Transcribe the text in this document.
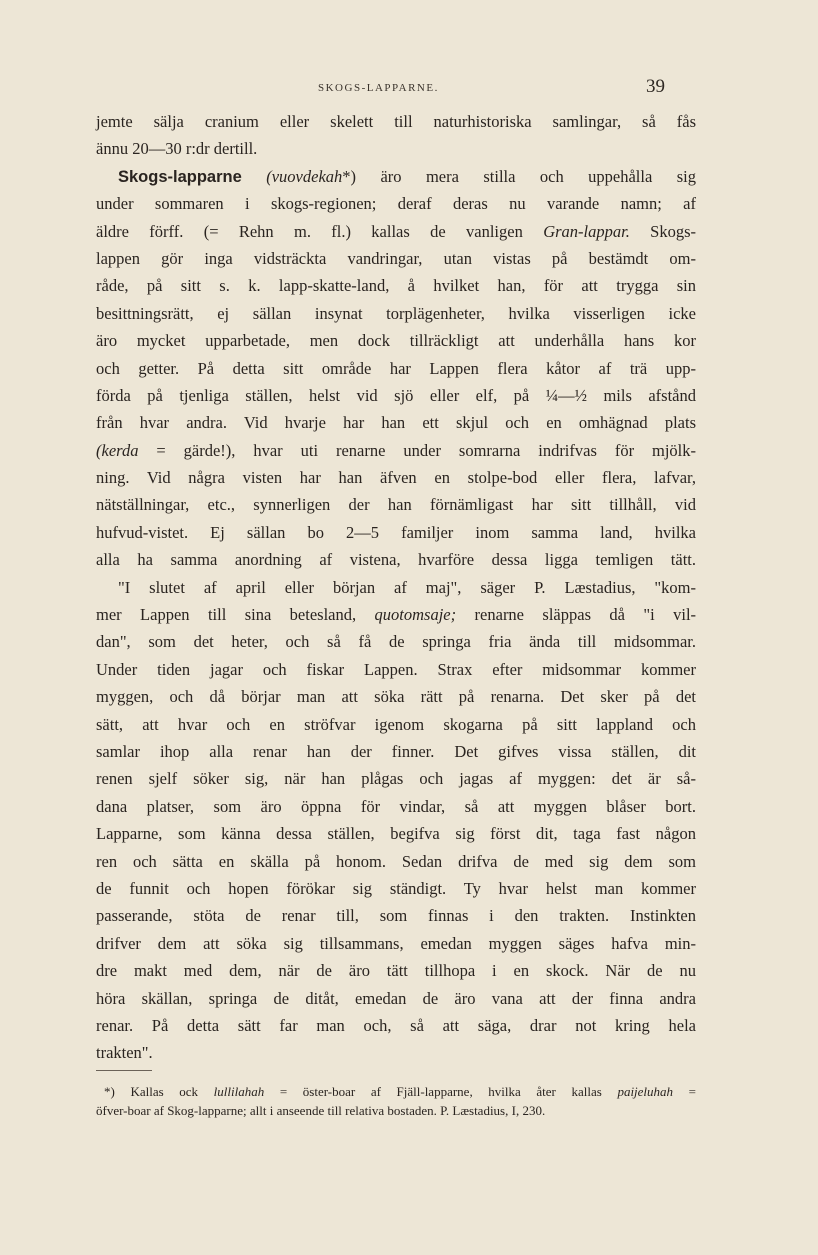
SKOGS-LAPPARNE.	39
jemte sälja cranium eller skelett till naturhistoriska samlingar, så fås
ännu 20—30 r:dr dertill.
Skogs-lapparne (vuovdekah*) äro mera stilla och uppehålla sig
under sommaren i skogs-regionen; deraf deras nu varande namn; af
äldre förff. (= Rehn m. fl.) kallas de vanligen Gran-lappar. Skogs-
lappen gör inga vidsträckta vandringar, utan vistas på bestämdt om-
råde, på sitt s. k. lapp-skatte-land, å hvilket han, för att trygga sin
besittningsrätt, ej sällan insynat torplägenheter, hvilka visserligen icke
äro mycket upparbetade, men dock tillräckligt att underhålla hans kor
och getter. På detta sitt område har Lappen flera kåtor af trä upp-
förda på tjenliga ställen, helst vid sjö eller elf, på ¼—½ mils afstånd
från hvar andra. Vid hvarje har han ett skjul och en omhägnad plats
(kerda = gärde!), hvar uti renarne under somrarna indrifvas för mjölk-
ning. Vid några visten har han äfven en stolpe-bod eller flera, lafvar,
nätställningar, etc., synnerligen der han förnämligast har sitt tillhåll, vid
hufvud-vistet. Ej sällan bo 2—5 familjer inom samma land, hvilka
alla ha samma anordning af vistena, hvarföre dessa ligga temligen tätt.
"I slutet af april eller början af maj", säger P. Læstadius, "kom-
mer Lappen till sina betesland, quotomsaje; renarne släppas då "i vil-
dan", som det heter, och så få de springa fria ända till midsommar.
Under tiden jagar och fiskar Lappen. Strax efter midsommar kommer
myggen, och då börjar man att söka rätt på renarna. Det sker på det
sätt, att hvar och en ströfvar igenom skogarna på sitt lappland och
samlar ihop alla renar han der finner. Det gifves vissa ställen, dit
renen sjelf söker sig, när han plågas och jagas af myggen: det är så-
dana platser, som äro öppna för vindar, så att myggen blåser bort.
Lapparne, som känna dessa ställen, begifva sig först dit, taga fast någon
ren och sätta en skälla på honom. Sedan drifva de med sig dem som
de funnit och hopen förökar sig ständigt. Ty hvar helst man kommer
passerande, stöta de renar till, som finnas i den trakten. Instinkten
drifver dem att söka sig tillsammans, emedan myggen säges hafva min-
dre makt med dem, när de äro tätt tillhopa i en skock. När de nu
höra skällan, springa de ditåt, emedan de äro vana att der finna andra
renar. På detta sätt far man och, så att säga, drar not kring hela
trakten".
*) Kallas ock lullilahah = öster-boar af Fjäll-lapparne, hvilka åter kallas paijeluhah =
öfver-boar af Skog-lapparne; allt i anseende till relativa bostaden. P. Læstadius, I, 230.
